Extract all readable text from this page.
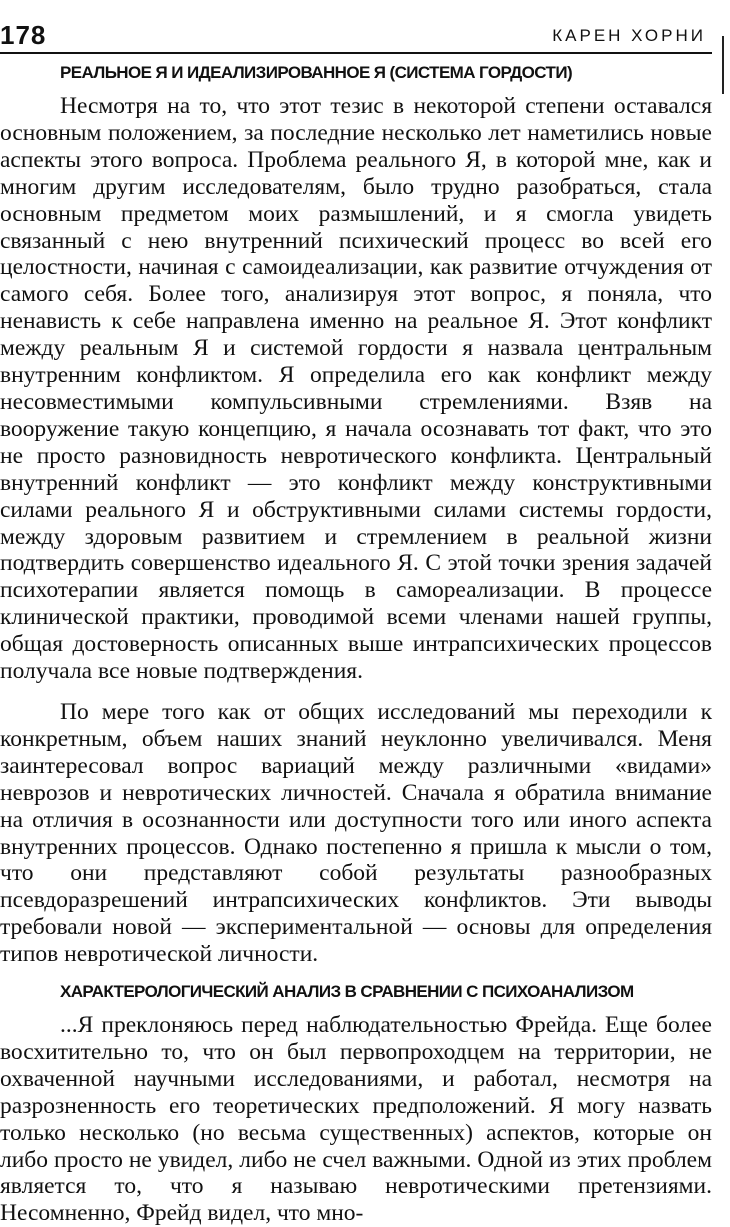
178	КАРЕН ХОРНИ
РЕАЛЬНОЕ Я И ИДЕАЛИЗИРОВАННОЕ Я (СИСТЕМА ГОРДОСТИ)

Несмотря на то, что этот тезис в некоторой степени оставался основным положением, за последние несколько лет наметились новые аспекты этого вопроса. Проблема реального Я, в которой мне, как и многим другим исследователям, было трудно разобраться, стала основным предметом моих размышлений, и я смогла увидеть связанный с нею внутренний психический процесс во всей его целостности, начиная с самоидеализации, как развитие отчуждения от самого себя. Более того, анализируя этот вопрос, я поняла, что ненависть к себе направлена именно на реальное Я. Этот конфликт между реальным Я и системой гордости я назвала центральным внутренним конфликтом. Я определила его как конфликт между несовместимыми компульсивными стремлениями. Взяв на вооружение такую концепцию, я начала осознавать тот факт, что это не просто разновидность невротического конфликта. Центральный внутренний конфликт — это конфликт между конструктивными силами реального Я и обструктивными силами системы гордости, между здоровым развитием и стремлением в реальной жизни подтвердить совершенство идеального Я. С этой точки зрения задачей психотерапии является помощь в самореализации. В процессе клинической практики, проводимой всеми членами нашей группы, общая достоверность описанных выше интрапсихических процессов получала все новые подтверждения.

По мере того как от общих исследований мы переходили к конкретным, объем наших знаний неуклонно увеличивался. Меня заинтересовал вопрос вариаций между различными «видами» неврозов и невротических личностей. Сначала я обратила внимание на отличия в осознанности или доступности того или иного аспекта внутренних процессов. Однако постепенно я пришла к мысли о том, что они представляют собой результаты разнообразных псевдоразрешений интрапсихических конфликтов. Эти выводы требовали новой — экспериментальной — основы для определения типов невротической личности.

ХАРАКТЕРОЛОГИЧЕСКИЙ АНАЛИЗ В СРАВНЕНИИ С ПСИХОАНАЛИЗОМ

...Я преклоняюсь перед наблюдательностью Фрейда. Еще более восхитительно то, что он был первопроходцем на территории, не охваченной научными исследованиями, и работал, несмотря на разрозненность его теоретических предположений. Я могу назвать только несколько (но весьма существенных) аспектов, которые он либо просто не увидел, либо не счел важными. Одной из этих проблем является то, что я называю невротическими претензиями. Несомненно, Фрейд видел, что мно-
